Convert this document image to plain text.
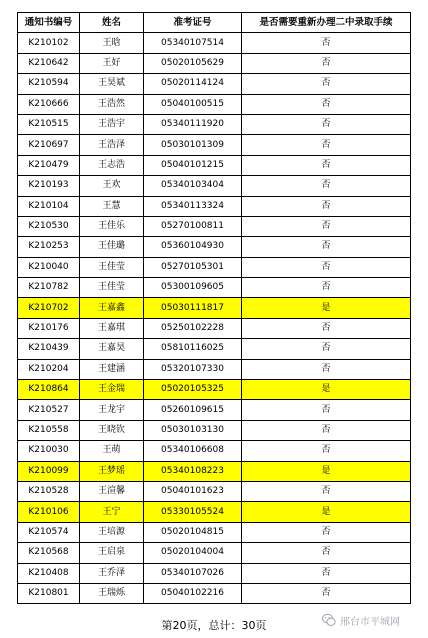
通知书编号	姓名	准考证号	是否需要重新办理二中录取手续
K210102	王晗	05340107514	否
K210642	王好	05020105629	否
K210594	王昊斌	05020114124	否
K210666	王浩然	05040100515	否
K210515	王浩宇	05340111920	否
K210697	王浩泽	05030101309	否
K210479	王志浩	05040101215	否
K210193	王欢	05340103404	否
K210104	王慧	05340113324	否
K210530	王佳乐	05270100811	否
K210253	王佳璐	05360104930	否
K210040	王佳莹	05270105301	否
K210782	王佳莹	05300109605	否
K210702	王嘉鑫	05030111817	是
K210176	王嘉琪	05250102228	否
K210439	王嘉昊	05810116025	否
K210204	王建涵	05320107330	否
K210864	王金瑞	05020105325	是
K210527	王龙宇	05260109615	否
K210558	王晓钦	05030103130	否
K210030	王萌	05340106608	否
K210099	王梦瑶	05340108223	是
K210528	王渲馨	05040101623	否
K210106	王宁	05330105524	是
K210574	王培源	05020104815	否
K210568	王启泉	05020104004	否
K210408	王乔泽	05340107026	否
K210801	王瑞烁	05040102216	否
第20页，总计：30页	邢台市平城网
